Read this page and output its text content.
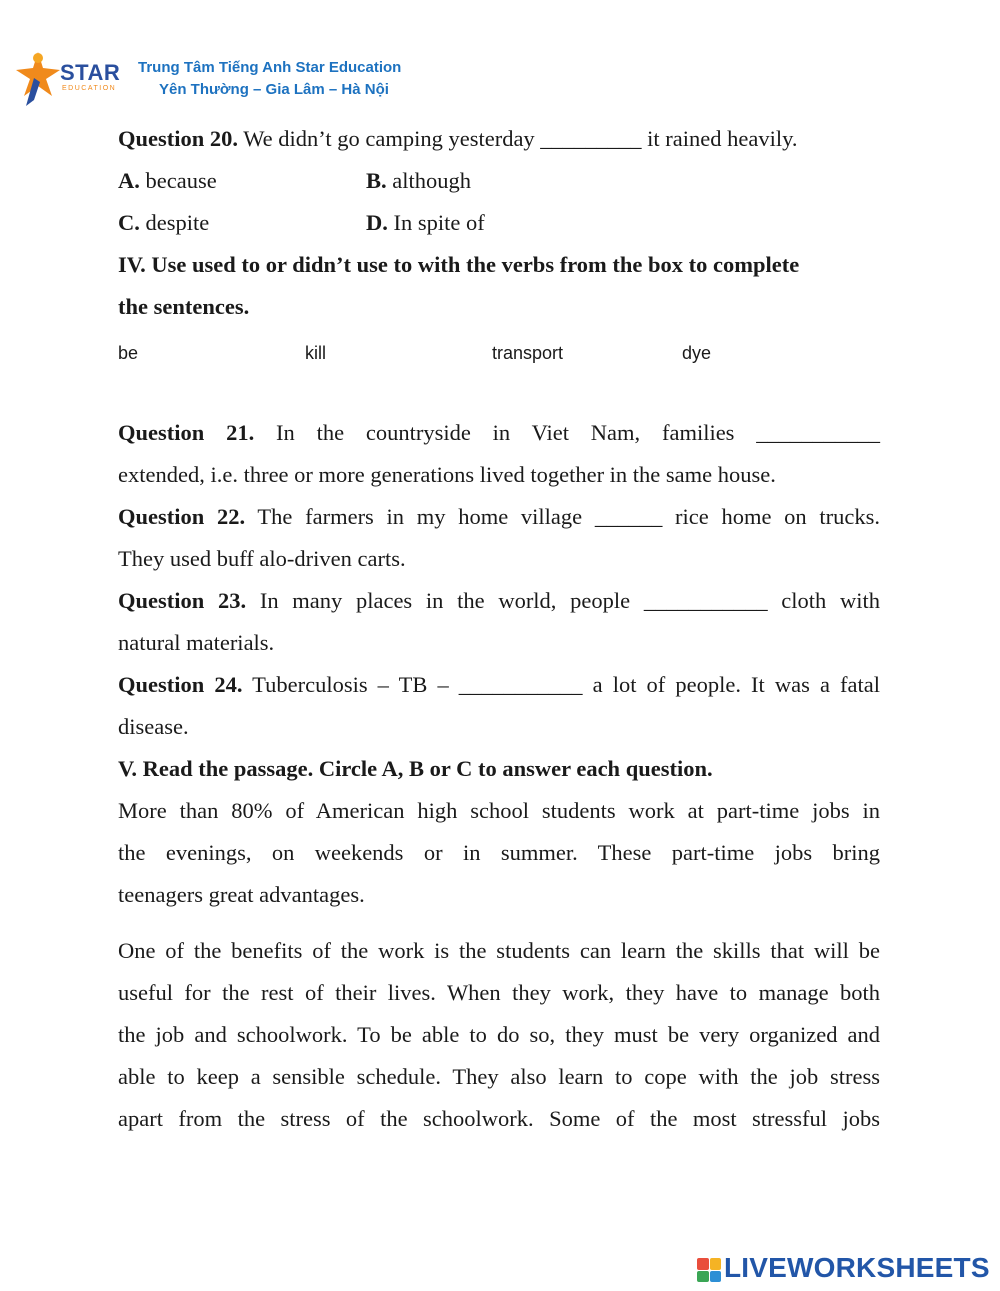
STAR
EDUCATION
Trung Tâm Tiếng Anh Star Education
Yên Thường – Gia Lâm – Hà Nội

Question 20. We didn’t go camping yesterday _________ it rained heavily.

A. because	B. although
C. despite	D. In spite of

IV. Use used to or didn’t use to with the verbs from the box to complete

the sentences.

be	kill	transport	dye

Question 21. In the countryside in Viet Nam, families ___________

extended, i.e. three or more generations lived together in the same house.

Question 22. The farmers in my home village ______ rice home on trucks.

They used buff alo-driven carts.

Question 23. In many places in the world, people ___________ cloth with

natural materials.

Question 24. Tuberculosis – TB – ___________ a lot of people. It was a fatal

disease.

V. Read the passage. Circle A, B or C to answer each question.

More than 80% of American high school students work at part-time jobs in

the evenings, on weekends or in summer. These part-time jobs bring

teenagers great advantages.

One of the benefits of the work is the students can learn the skills that will be

useful for the rest of their lives. When they work, they have to manage both

the job and schoolwork. To be able to do so, they must be very organized and

able to keep a sensible schedule. They also learn to cope with the job stress

apart from the stress of the schoolwork. Some of the most stressful jobs

LIVEWORKSHEETS
